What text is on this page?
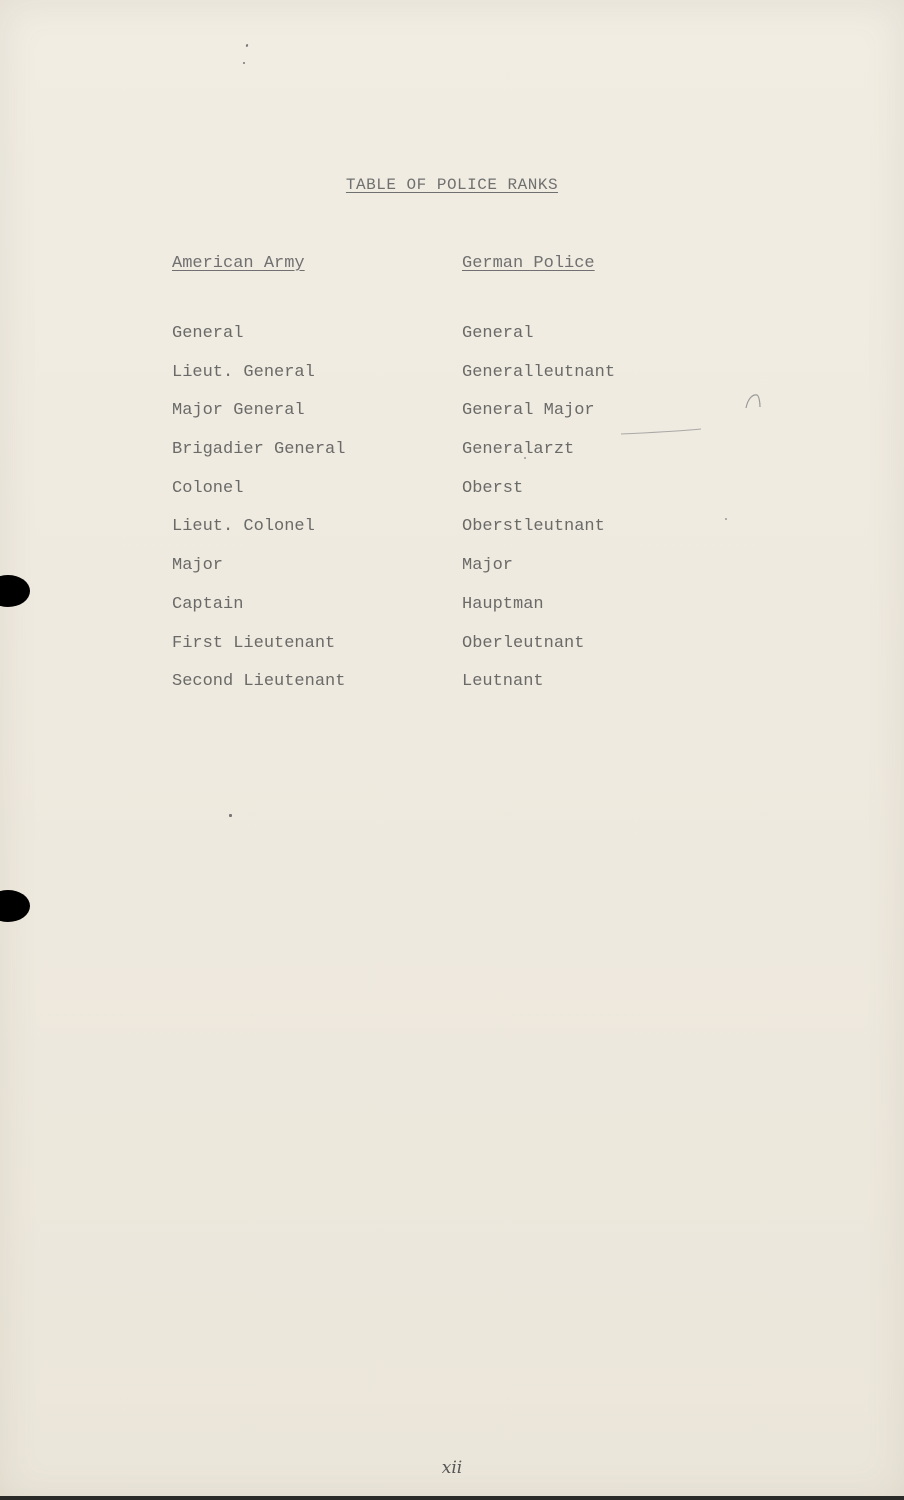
TABLE OF POLICE RANKS
American Army
General
Lieut. General
Major General
Brigadier General
Colonel
Lieut. Colonel
Major
Captain
First Lieutenant
Second Lieutenant
German Police
General
Generalleutnant
General Major
Generalarzt
Oberst
Oberstleutnant
Major
Hauptman
Oberleutnant
Leutnant
xii
